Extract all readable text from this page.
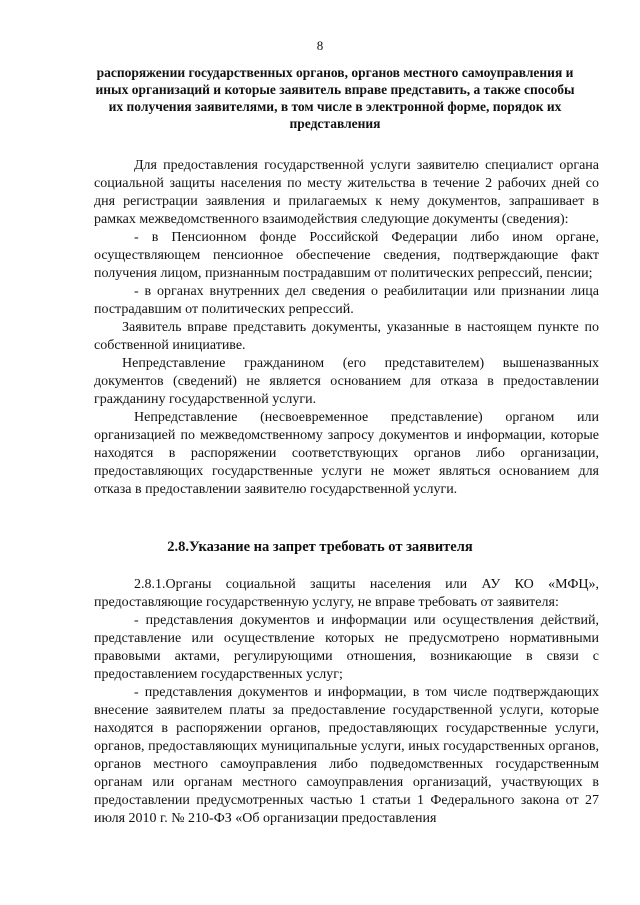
8
распоряжении государственных органов, органов местного самоуправления и иных организаций и которые заявитель вправе представить, а также способы их получения заявителями, в том числе в электронной форме, порядок их представления

Для предоставления государственной услуги заявителю специалист органа социальной защиты населения по месту жительства в течение 2 рабочих дней со дня регистрации заявления и прилагаемых к нему документов, запрашивает в рамках межведомственного взаимодействия следующие документы (сведения):

- в Пенсионном фонде Российской Федерации либо ином органе, осуществляющем пенсионное обеспечение сведения, подтверждающие факт получения лицом, признанным пострадавшим от политических репрессий, пенсии;

- в органах внутренних дел сведения о реабилитации или признании лица пострадавшим от политических репрессий.

Заявитель вправе представить документы, указанные в настоящем пункте по собственной инициативе.

Непредставление гражданином (его представителем) вышеназванных документов (сведений) не является основанием для отказа в предоставлении гражданину государственной услуги.

Непредставление (несвоевременное представление) органом или организацией по межведомственному запросу документов и информации, которые находятся в распоряжении соответствующих органов либо организации, предоставляющих государственные услуги не может являться основанием для отказа в предоставлении заявителю государственной услуги.

2.8.Указание на запрет требовать от заявителя

2.8.1.Органы социальной защиты населения или АУ КО «МФЦ», предоставляющие государственную услугу, не вправе требовать от заявителя:

- представления документов и информации или осуществления действий, представление или осуществление которых не предусмотрено нормативными правовыми актами, регулирующими отношения, возникающие в связи с предоставлением государственных услуг;

- представления документов и информации, в том числе подтверждающих внесение заявителем платы за предоставление государственной услуги, которые находятся в распоряжении органов, предоставляющих государственные услуги, органов, предоставляющих муниципальные услуги, иных государственных органов, органов местного самоуправления либо подведомственных государственным органам или органам местного самоуправления организаций, участвующих в предоставлении предусмотренных частью 1 статьи 1 Федерального закона от 27 июля 2010 г. № 210-ФЗ «Об организации предоставления
